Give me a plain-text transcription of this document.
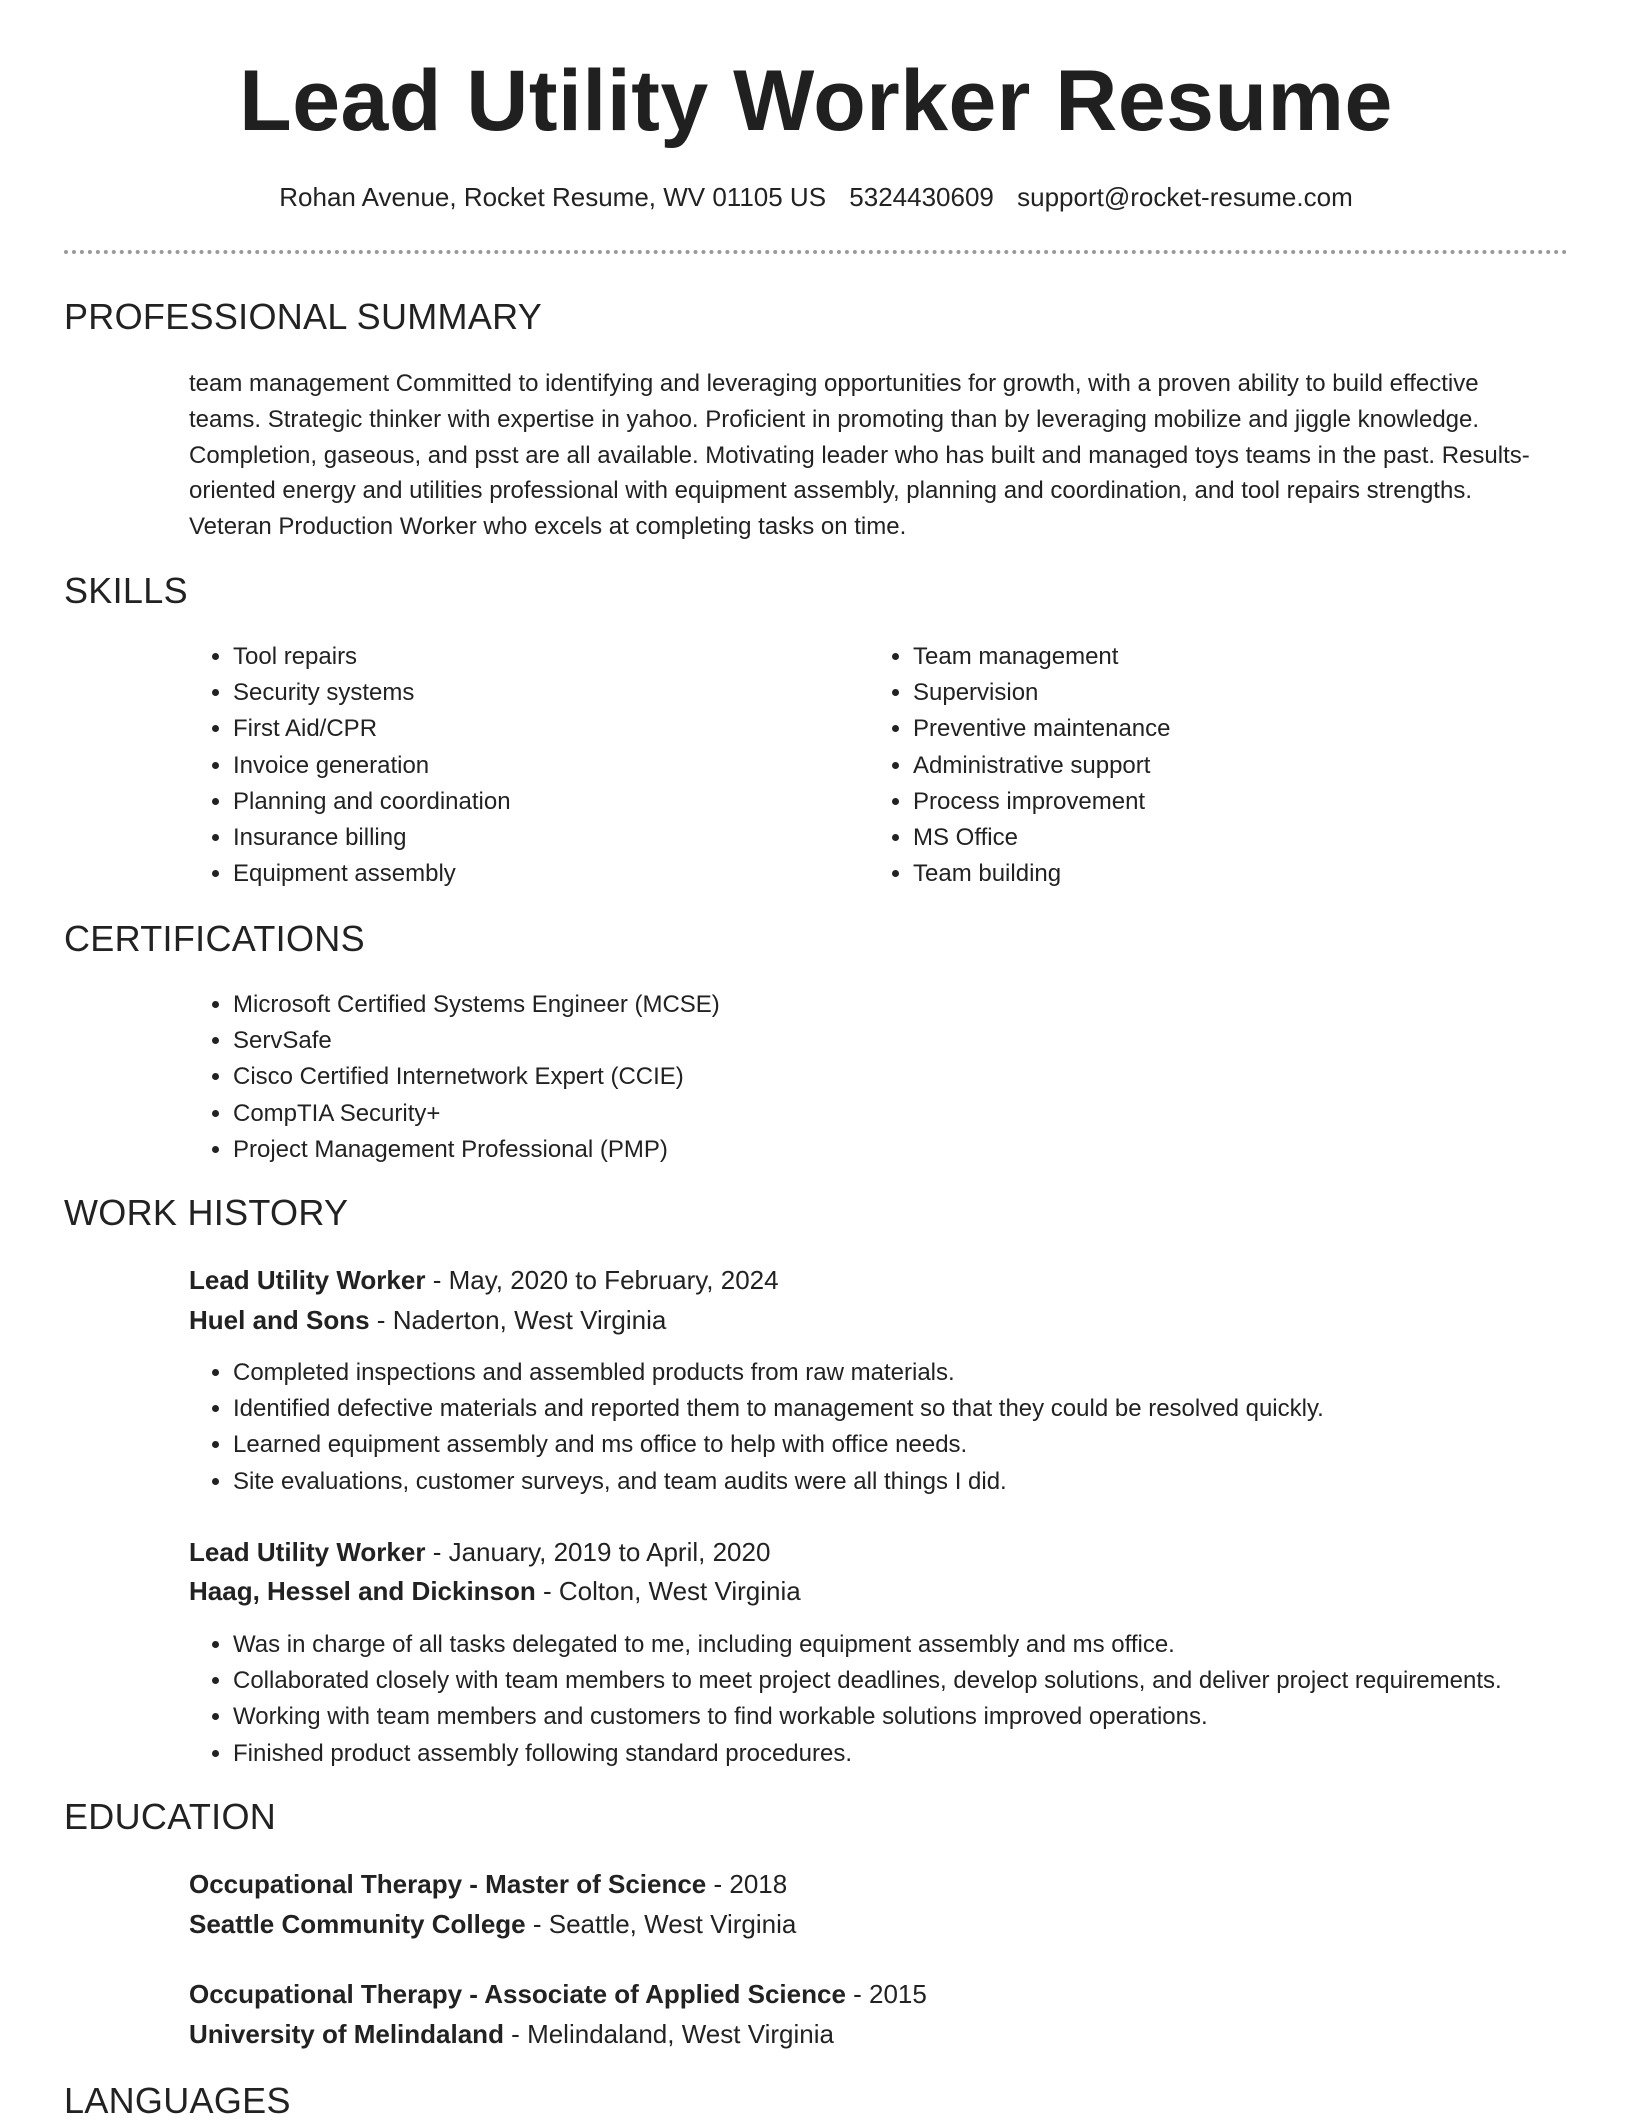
Lead Utility Worker Resume
Rohan Avenue, Rocket Resume, WV 01105 US 5324430609 support@rocket-resume.com
PROFESSIONAL SUMMARY

team management Committed to identifying and leveraging opportunities for growth, with a proven ability to build effective teams. Strategic thinker with expertise in yahoo. Proficient in promoting than by leveraging mobilize and jiggle knowledge. Completion, gaseous, and psst are all available. Motivating leader who has built and managed toys teams in the past. Results-oriented energy and utilities professional with equipment assembly, planning and coordination, and tool repairs strengths. Veteran Production Worker who excels at completing tasks on time.

SKILLS
• Tool repairs
• Security systems
• First Aid/CPR
• Invoice generation
• Planning and coordination
• Insurance billing
• Equipment assembly
• Team management
• Supervision
• Preventive maintenance
• Administrative support
• Process improvement
• MS Office
• Team building
CERTIFICATIONS
• Microsoft Certified Systems Engineer (MCSE)
• ServSafe
• Cisco Certified Internetwork Expert (CCIE)
• CompTIA Security+
• Project Management Professional (PMP)
WORK HISTORY
Lead Utility Worker - May, 2020 to February, 2024
Huel and Sons - Naderton, West Virginia
• Completed inspections and assembled products from raw materials.
• Identified defective materials and reported them to management so that they could be resolved quickly.
• Learned equipment assembly and ms office to help with office needs.
• Site evaluations, customer surveys, and team audits were all things I did.
Lead Utility Worker - January, 2019 to April, 2020
Haag, Hessel and Dickinson - Colton, West Virginia
• Was in charge of all tasks delegated to me, including equipment assembly and ms office.
• Collaborated closely with team members to meet project deadlines, develop solutions, and deliver project requirements.
• Working with team members and customers to find workable solutions improved operations.
• Finished product assembly following standard procedures.
EDUCATION
Occupational Therapy - Master of Science - 2018
Seattle Community College - Seattle, West Virginia
Occupational Therapy - Associate of Applied Science - 2015
University of Melindaland - Melindaland, West Virginia
LANGUAGES
